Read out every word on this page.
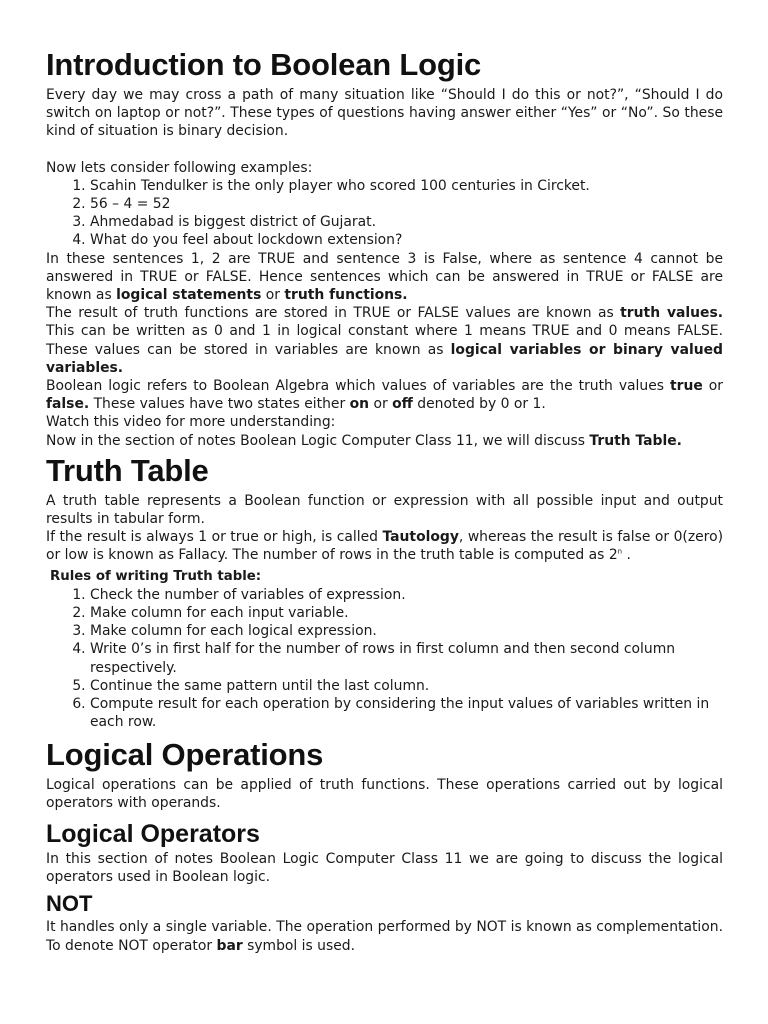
Introduction to Boolean Logic

Every day we may cross a path of many situation like “Should I do this or not?”, “Should I do switch on laptop or not?”. These types of questions having answer either “Yes” or “No”. So these kind of situation is binary decision.

Now lets consider following examples:

1. Scahin Tendulker is the only player who scored 100 centuries in Circket.
2. 56 – 4 = 52
3. Ahmedabad is biggest district of Gujarat.
4. What do you feel about lockdown extension?

In these sentences 1, 2 are TRUE and sentence 3 is False, where as sentence 4 cannot be answered in TRUE or FALSE. Hence sentences which can be answered in TRUE or FALSE are known as logical statements or truth functions.

The result of truth functions are stored in TRUE or FALSE values are known as truth values. This can be written as 0 and 1 in logical constant where 1 means TRUE and 0 means FALSE. These values can be stored in variables are known as logical variables or binary valued variables.

Boolean logic refers to Boolean Algebra which values of variables are the truth values true or false. These values have two states either on or off denoted by 0 or 1.

Watch this video for more understanding:

Now in the section of notes Boolean Logic Computer Class 11, we will discuss Truth Table.

Truth Table

A truth table represents a Boolean function or expression with all possible input and output results in tabular form.

If the result is always 1 or true or high, is called Tautology, whereas the result is false or 0(zero) or low is known as Fallacy. The number of rows in the truth table is computed as 2$^n$ .

Rules of writing Truth table:

1. Check the number of variables of expression.
2. Make column for each input variable.
3. Make column for each logical expression.
4. Write 0’s in first half for the number of rows in first column and then second column respectively.
5. Continue the same pattern until the last column.
6. Compute result for each operation by considering the input values of variables written in each row.
Logical Operations

Logical operations can be applied of truth functions. These operations carried out by logical operators with operands.

Logical Operators

In this section of notes Boolean Logic Computer Class 11 we are going to discuss the logical operators used in Boolean logic.

NOT

It handles only a single variable. The operation performed by NOT is known as complementation. To denote NOT operator bar symbol is used.
